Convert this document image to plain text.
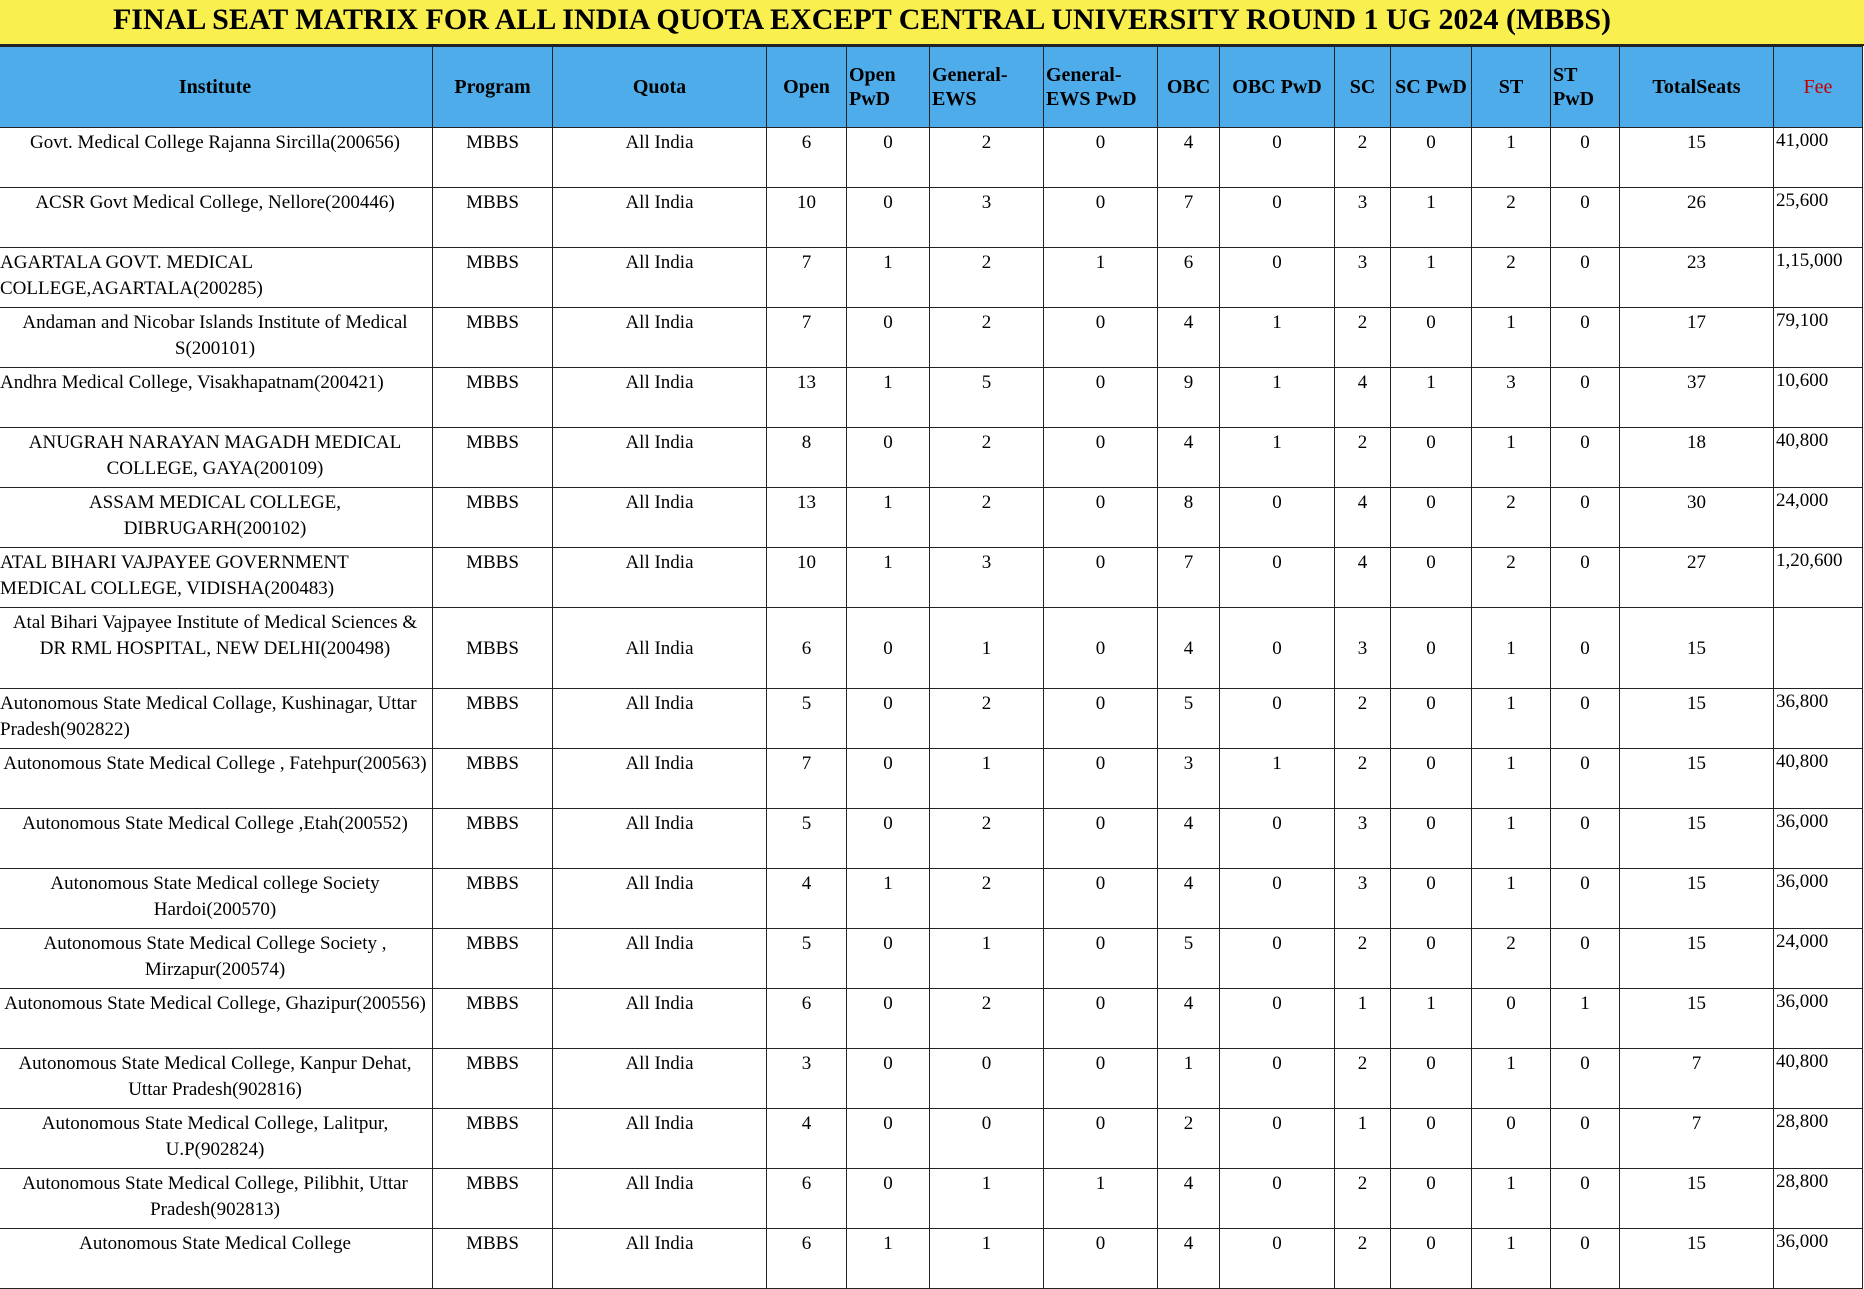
FINAL SEAT MATRIX FOR ALL INDIA QUOTA EXCEPT CENTRAL UNIVERSITY ROUND 1 UG 2024 (MBBS)
Institute	Program	Quota	Open	Open PwD	General-EWS	General-EWS PwD	OBC	OBC PwD	SC	SC PwD	ST	ST PwD	TotalSeats	Fee
Govt. Medical College Rajanna Sircilla(200656)	MBBS	All India	6	0	2	0	4	0	2	0	1	0	15	41,000
ACSR Govt Medical College, Nellore(200446)	MBBS	All India	10	0	3	0	7	0	3	1	2	0	26	25,600
AGARTALA GOVT. MEDICAL COLLEGE,AGARTALA(200285)	MBBS	All India	7	1	2	1	6	0	3	1	2	0	23	1,15,000
Andaman and Nicobar Islands Institute of Medical S(200101)	MBBS	All India	7	0	2	0	4	1	2	0	1	0	17	79,100
Andhra Medical College, Visakhapatnam(200421)	MBBS	All India	13	1	5	0	9	1	4	1	3	0	37	10,600
ANUGRAH NARAYAN MAGADH MEDICAL COLLEGE, GAYA(200109)	MBBS	All India	8	0	2	0	4	1	2	0	1	0	18	40,800
ASSAM MEDICAL COLLEGE, DIBRUGARH(200102)	MBBS	All India	13	1	2	0	8	0	4	0	2	0	30	24,000
ATAL BIHARI VAJPAYEE GOVERNMENT MEDICAL COLLEGE, VIDISHA(200483)	MBBS	All India	10	1	3	0	7	0	4	0	2	0	27	1,20,600
Atal Bihari Vajpayee Institute of Medical Sciences & DR RML HOSPITAL, NEW DELHI(200498)	MBBS	All India	6	0	1	0	4	0	3	0	1	0	15	
Autonomous State Medical Collage, Kushinagar, Uttar Pradesh(902822)	MBBS	All India	5	0	2	0	5	0	2	0	1	0	15	36,800
Autonomous State Medical College , Fatehpur(200563)	MBBS	All India	7	0	1	0	3	1	2	0	1	0	15	40,800
Autonomous State Medical College ,Etah(200552)	MBBS	All India	5	0	2	0	4	0	3	0	1	0	15	36,000
Autonomous State Medical college Society Hardoi(200570)	MBBS	All India	4	1	2	0	4	0	3	0	1	0	15	36,000
Autonomous State Medical College Society , Mirzapur(200574)	MBBS	All India	5	0	1	0	5	0	2	0	2	0	15	24,000
Autonomous State Medical College, Ghazipur(200556)	MBBS	All India	6	0	2	0	4	0	1	1	0	1	15	36,000
Autonomous State Medical College, Kanpur Dehat, Uttar Pradesh(902816)	MBBS	All India	3	0	0	0	1	0	2	0	1	0	7	40,800
Autonomous State Medical College, Lalitpur, U.P(902824)	MBBS	All India	4	0	0	0	2	0	1	0	0	0	7	28,800
Autonomous State Medical College, Pilibhit, Uttar Pradesh(902813)	MBBS	All India	6	0	1	1	4	0	2	0	1	0	15	28,800
Autonomous State Medical College	MBBS	All India	6	1	1	0	4	0	2	0	1	0	15	36,000
